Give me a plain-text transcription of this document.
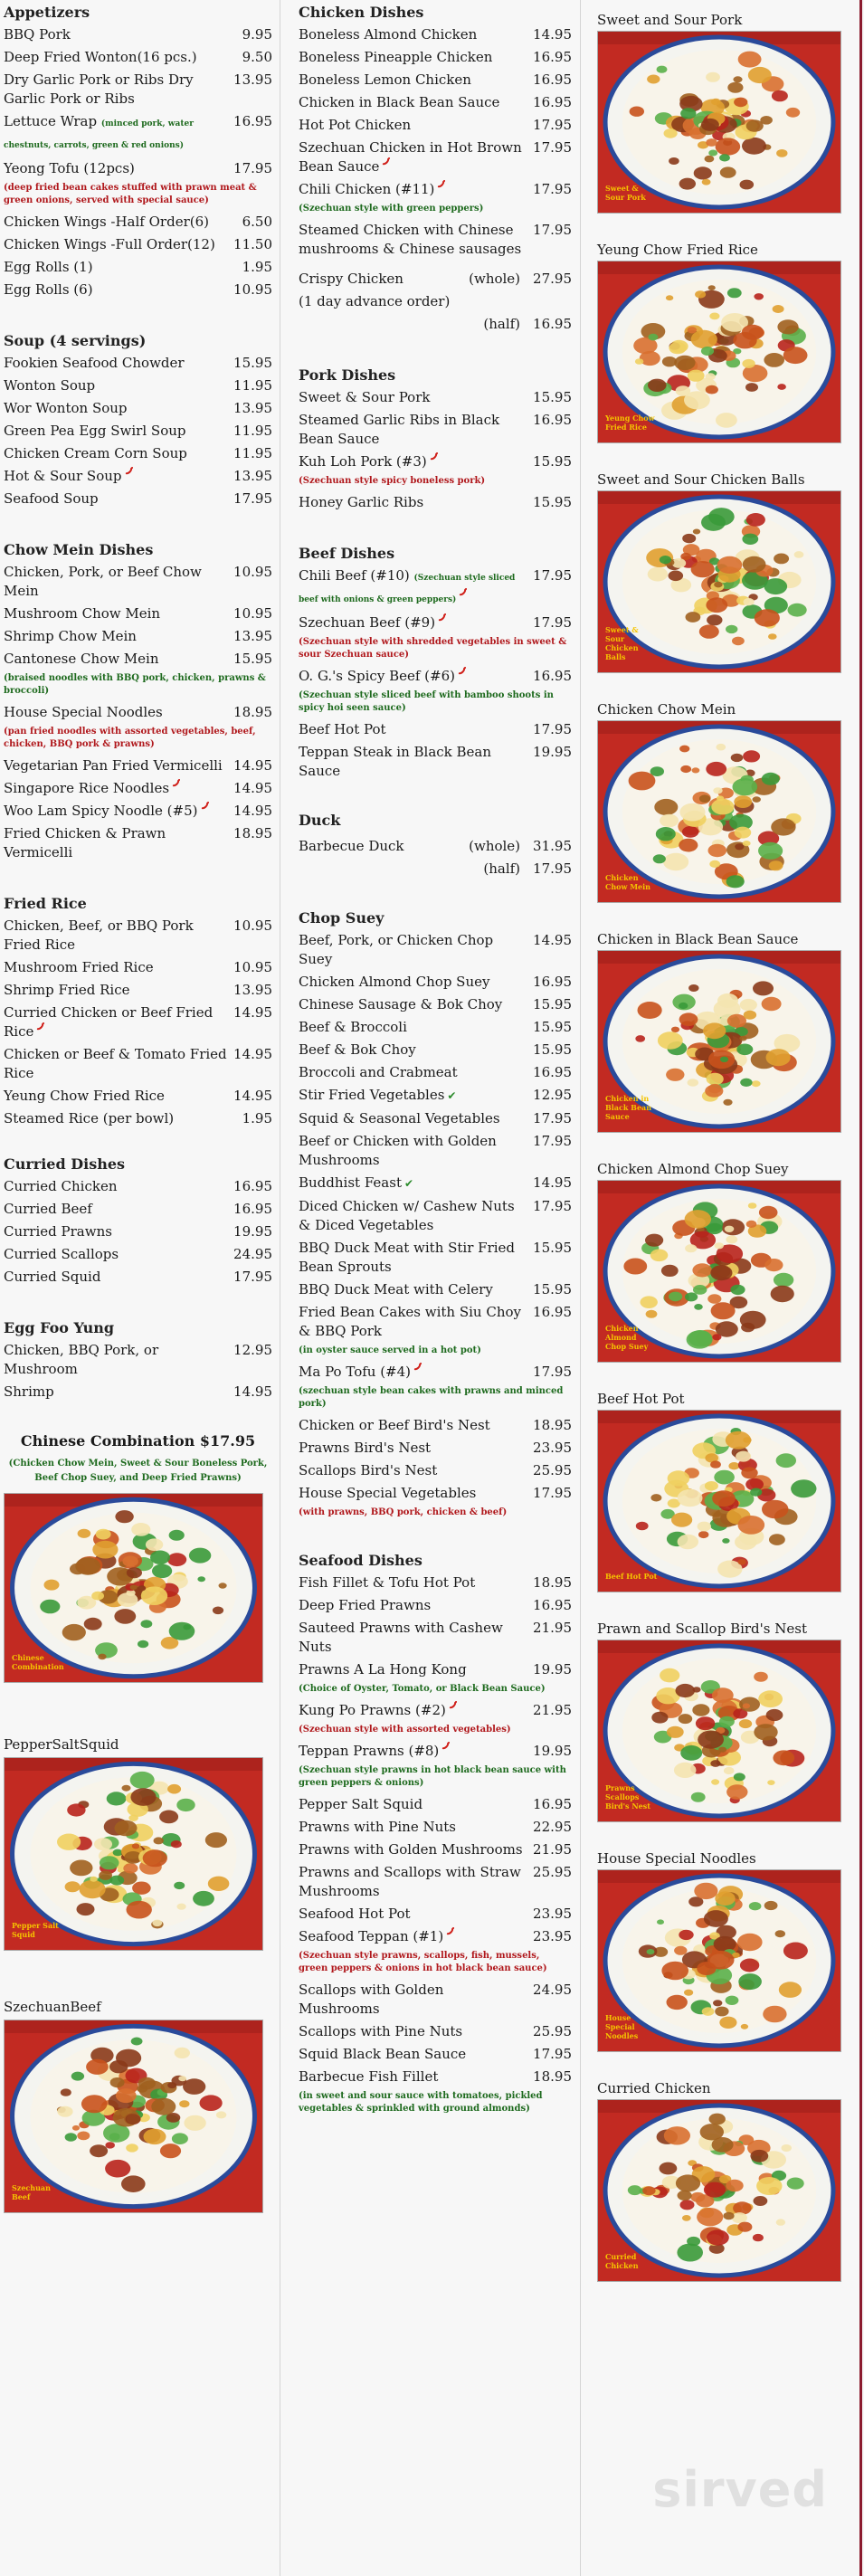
Appetizers
BBQ Pork	9.95
Deep Fried Wonton(16 pcs.)	9.50
Dry Garlic Pork or Ribs Dry Garlic Pork or Ribs
13.95
Lettuce Wrap (minced pork, water chestnuts, carrots, green & red onions)
16.95
Yeong Tofu (12pcs)	17.95
(deep fried bean cakes stuffed with prawn meat & green onions, served with special sauce)
Chicken Wings -Half Order(6)	6.50
Chicken Wings -Full Order(12)	11.50
Egg Rolls (1)	1.95
Egg Rolls (6)	10.95
Soup (4 servings)
Fookien Seafood Chowder	15.95
Wonton Soup	11.95
Wor Wonton Soup	13.95
Green Pea Egg Swirl Soup	11.95
Chicken Cream Corn Soup	11.95
Hot & Sour Soup	13.95
Seafood Soup	17.95
Chow Mein Dishes
Chicken, Pork, or Beef Chow Mein
10.95
Mushroom Chow Mein	10.95
Shrimp Chow Mein	13.95
Cantonese Chow Mein	15.95
(braised noodles with BBQ pork, chicken, prawns & broccoli)
House Special Noodles	18.95
(pan fried noodles with assorted vegetables, beef, chicken, BBQ pork & prawns)
Vegetarian Pan Fried Vermicelli 14.95
Singapore Rice Noodles	14.95
Woo Lam Spicy Noodle (#5)	14.95
Fried Chicken & Prawn Vermicelli
18.95
Fried Rice
Chicken, Beef, or BBQ Pork Fried Rice
10.95
Mushroom Fried Rice	10.95
Shrimp Fried Rice	13.95
Curried Chicken or Beef Fried Rice
14.95
Chicken or Beef & Tomato Fried Rice
14.95
Yeung Chow Fried Rice	14.95
Steamed Rice (per bowl)	1.95
Curried Dishes
Curried Chicken	16.95
Curried Beef	16.95
Curried Prawns	19.95
Curried Scallops	24.95
Curried Squid	17.95
Egg Foo Yung
Chicken, BBQ Pork, or Mushroom
12.95
Shrimp	14.95
Chinese Combination $17.95
(Chicken Chow Mein, Sweet & Sour Boneless Pork, Beef Chop Suey, and Deep Fried Prawns)
Chinese Combination
PepperSaltSquid
Pepper Salt Squid
SzechuanBeef
Szechuan Beef
Chicken Dishes
Boneless Almond Chicken	14.95
Boneless Pineapple Chicken	16.95
Boneless Lemon Chicken	16.95
Chicken in Black Bean Sauce	16.95
Hot Pot Chicken	17.95
Szechuan Chicken in Hot Brown Bean Sauce
17.95
Chili Chicken (#11)	17.95
(Szechuan style with green peppers)
Steamed Chicken with Chinese mushrooms & Chinese sausages
17.95
Crispy Chicken	(whole) 27.95
(1 day advance order)
(half) 16.95
Pork Dishes
Sweet & Sour Pork	15.95
Steamed Garlic Ribs in Black Bean Sauce
16.95
Kuh Loh Pork (#3)	15.95
(Szechuan style spicy boneless pork)
Honey Garlic Ribs	15.95
Beef Dishes
Chili Beef (#10) (Szechuan style sliced beef with onions & green peppers)
17.95
Szechuan Beef (#9)	17.95
(Szechuan style with shredded vegetables in sweet & sour Szechuan sauce)
O. G.'s Spicy Beef (#6)	16.95
(Szechuan style sliced beef with bamboo shoots in spicy hoi seen sauce)
Beef Hot Pot	17.95
Teppan Steak in Black Bean Sauce
19.95
Duck
Barbecue Duck	(whole) 31.95
(half) 17.95
Chop Suey
Beef, Pork, or Chicken Chop Suey
14.95
Chicken Almond Chop Suey	16.95
Chinese Sausage & Bok Choy	15.95
Beef & Broccoli	15.95
Beef & Bok Choy	15.95
Broccoli and Crabmeat	16.95
Stir Fried Vegetables ✔	12.95
Squid & Seasonal Vegetables	17.95
Beef or Chicken with Golden Mushrooms
17.95
Buddhist Feast ✔	14.95
Diced Chicken w/ Cashew Nuts & Diced Vegetables
17.95
BBQ Duck Meat with Stir Fried Bean Sprouts
15.95
BBQ Duck Meat with Celery	15.95
Fried Bean Cakes with Siu Choy & BBQ Pork
16.95
(in oyster sauce served in a hot pot)
Ma Po Tofu (#4)	17.95
(szechuan style bean cakes with prawns and minced pork)
Chicken or Beef Bird's Nest	18.95
Prawns Bird's Nest	23.95
Scallops Bird's Nest	25.95
House Special Vegetables	17.95
(with prawns, BBQ pork, chicken & beef)
Seafood Dishes
Fish Fillet & Tofu Hot Pot	18.95
Deep Fried Prawns	16.95
Sauteed Prawns with Cashew Nuts
21.95
Prawns A La Hong Kong	19.95
(Choice of Oyster, Tomato, or Black Bean Sauce)
Kung Po Prawns (#2)	21.95
(Szechuan style with assorted vegetables)
Teppan Prawns (#8)	19.95
(Szechuan style prawns in hot black bean sauce with green peppers & onions)
Pepper Salt Squid	16.95
Prawns with Pine Nuts	22.95
Prawns with Golden Mushrooms 21.95
Prawns and Scallops with Straw Mushrooms
25.95
Seafood Hot Pot	23.95
Seafood Teppan (#1)	23.95
(Szechuan style prawns, scallops, fish, mussels, green peppers & onions in hot black bean sauce)
Scallops with Golden Mushrooms
24.95
Scallops with Pine Nuts	25.95
Squid Black Bean Sauce	17.95
Barbecue Fish Fillet	18.95
(in sweet and sour sauce with tomatoes, pickled vegetables & sprinkled with ground almonds)
Sweet and Sour Pork
Sweet & Sour Pork
Yeung Chow Fried Rice
Yeung Chow Fried Rice
Sweet and Sour Chicken Balls
Sweet & Sour Chicken Balls
Chicken Chow Mein
Chicken Chow Mein
Chicken in Black Bean Sauce
Chicken in Black Bean Sauce
Chicken Almond Chop Suey
Chicken Almond Chop Suey
Beef Hot Pot
Beef Hot Pot
Prawn and Scallop Bird's Nest
Prawns Scallops Bird's Nest
House Special Noodles
House Special Noodles
Curried Chicken
Curried Chicken
sirved
